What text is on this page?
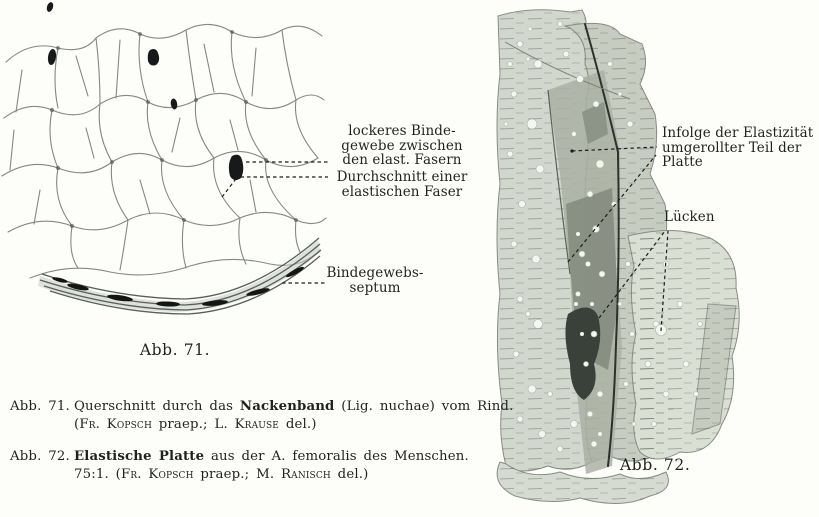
lockeres Binde-
gewebe zwischen
den elast. Fasern
Durchschnitt einer
elastischen Faser
Bindegewebs-
septum
Infolge der Elastizität
umgerollter Teil der
Platte
Lücken
Abb. 71.
Abb. 72.
Abb. 71. Querschnitt durch das Nackenband (Lig. nuchae) vom Rind.
(Fr. Kopsch praep.; L. Krause del.)
Abb. 72. Elastische Platte aus der A. femoralis des Menschen.
75:1. (Fr. Kopsch praep.; M. Ranisch del.)
